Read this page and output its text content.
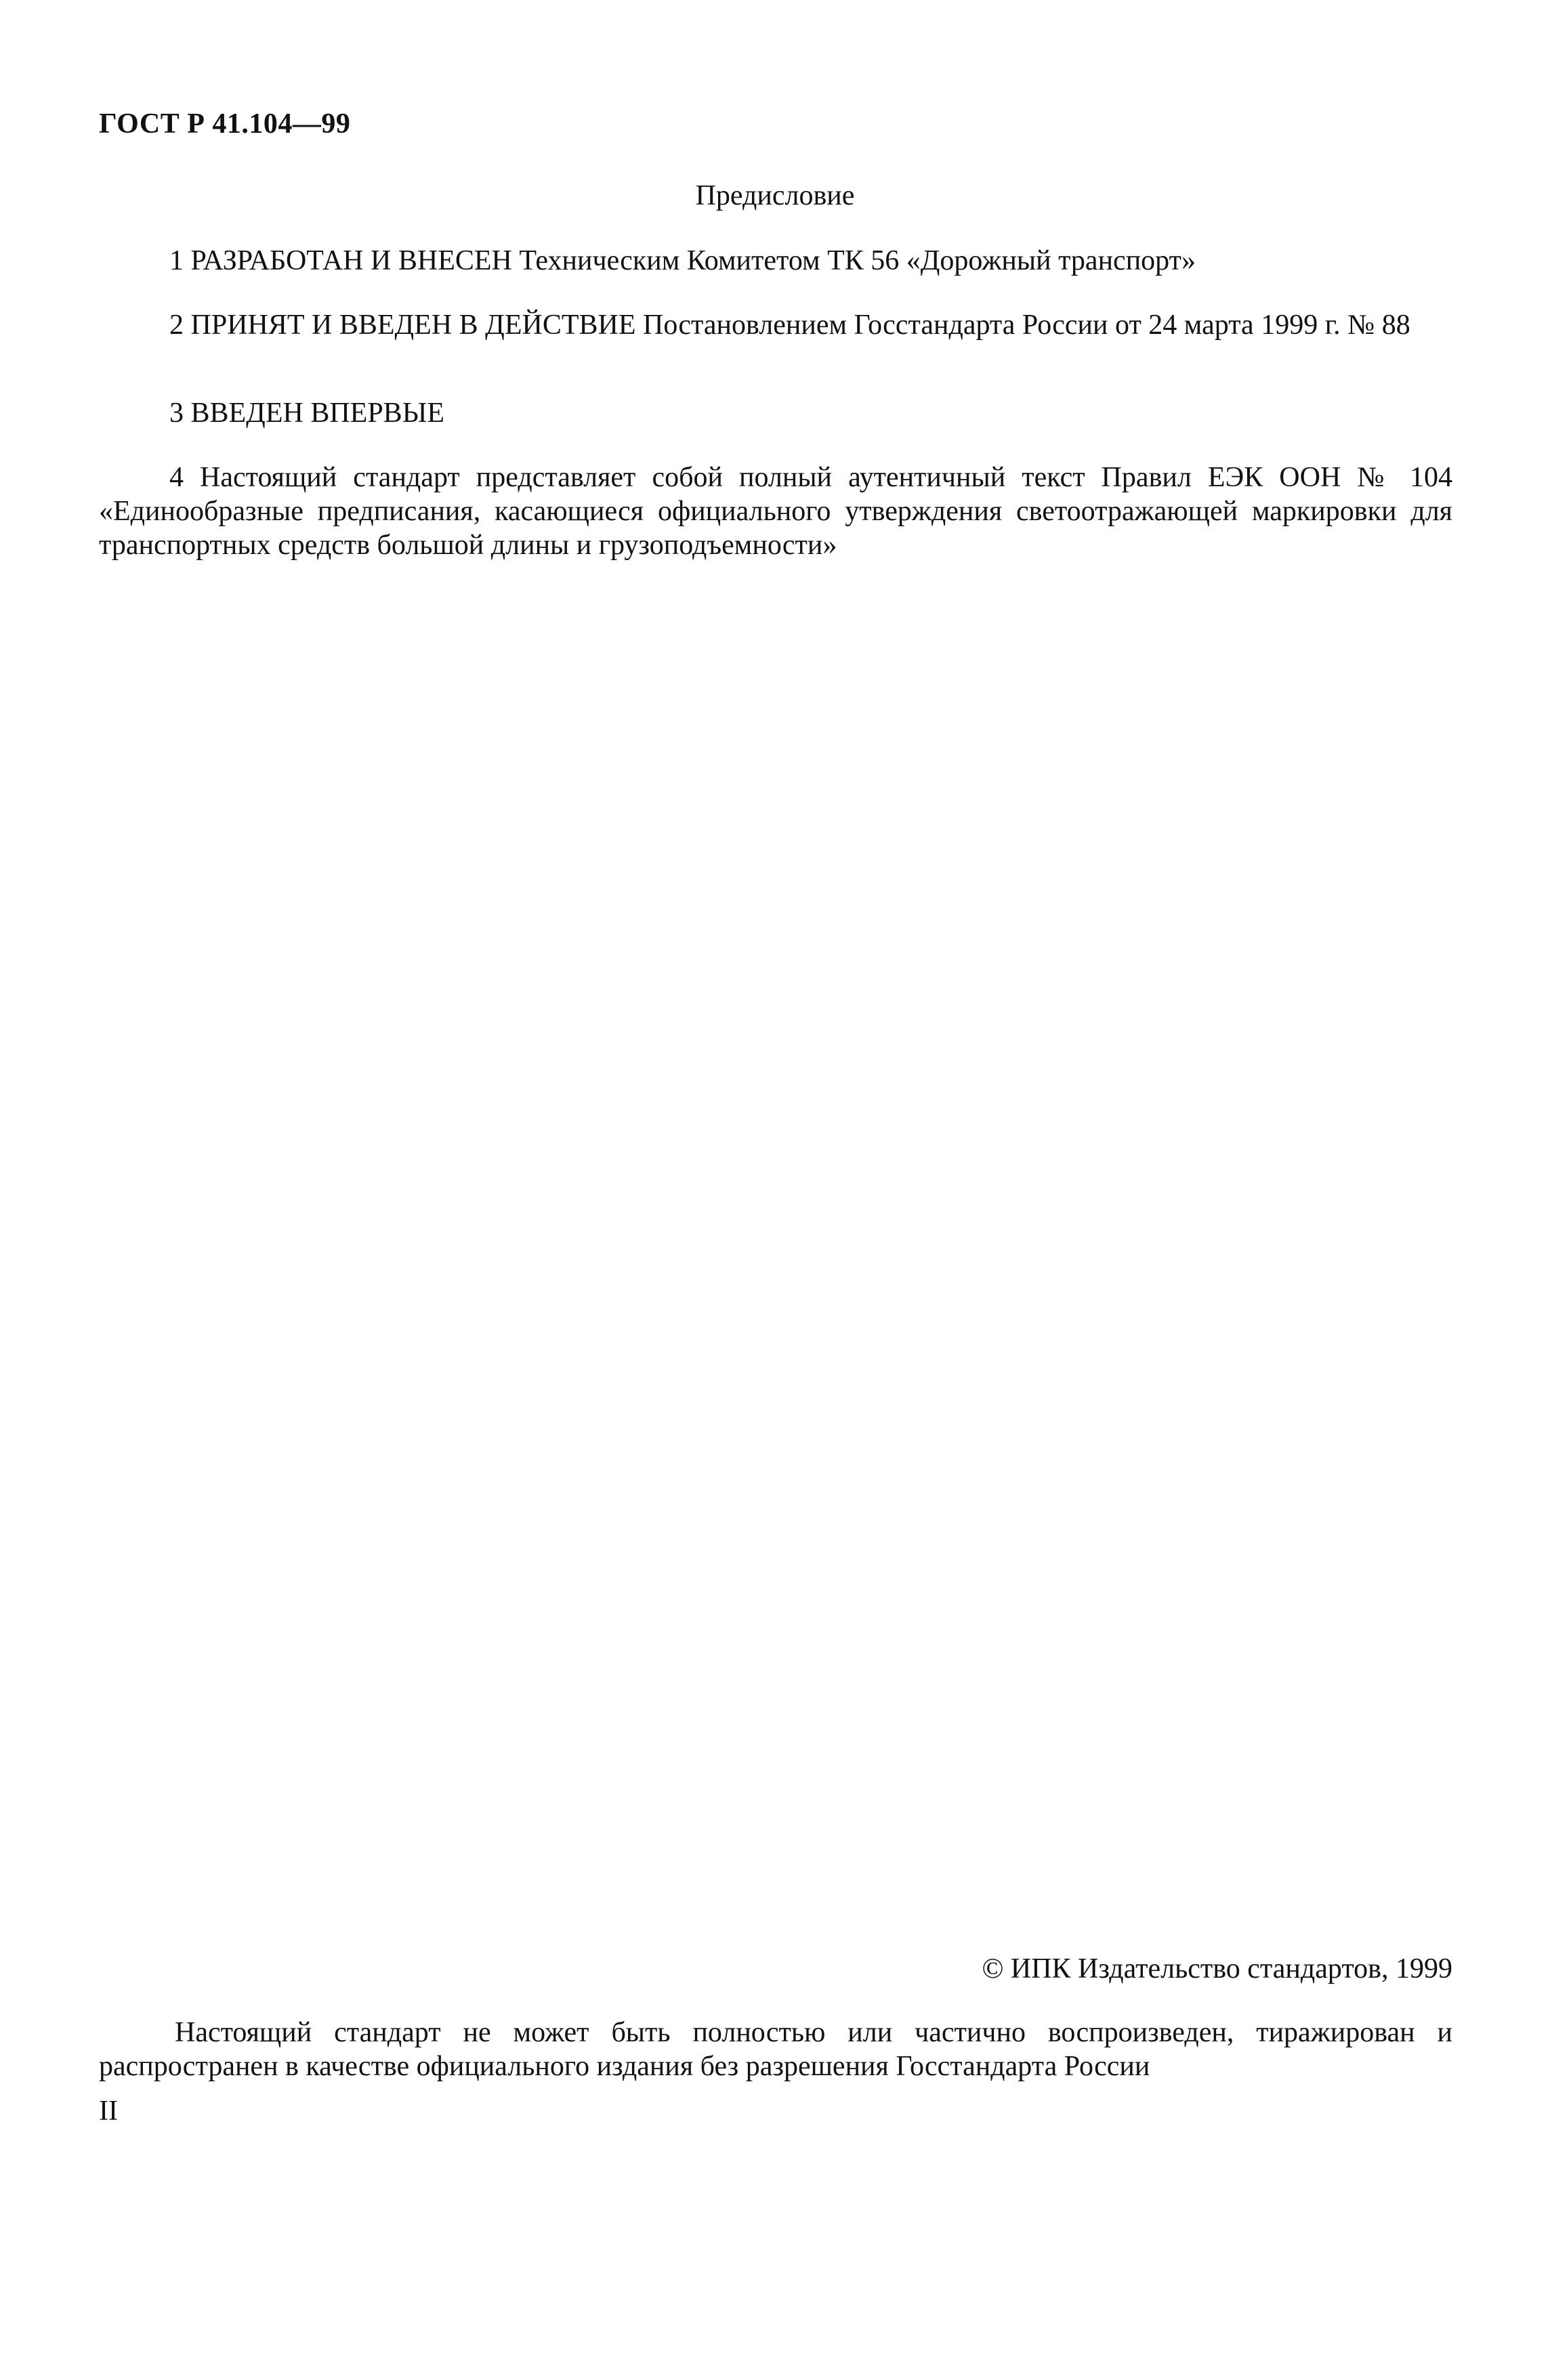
ГОСТ Р 41.104—99
Предисловие

1 РАЗРАБОТАН И ВНЕСЕН Техническим Комитетом ТК 56 «Дорожный транспорт»

2 ПРИНЯТ И ВВЕДЕН В ДЕЙСТВИЕ Постановлением Госстандарта России от 24 марта 1999 г. № 88

3 ВВЕДЕН ВПЕРВЫЕ

4 Настоящий стандарт представляет собой полный аутентичный текст Правил ЕЭК ООН № 104 «Единообразные предписания, касающиеся официального утверждения светоотражающей маркировки для транспортных средств большой длины и грузоподъемности»

© ИПК Издательство стандартов, 1999

Настоящий стандарт не может быть полностью или частично воспроизведен, тиражирован и распространен в качестве официального издания без разрешения Госстандарта России

II
